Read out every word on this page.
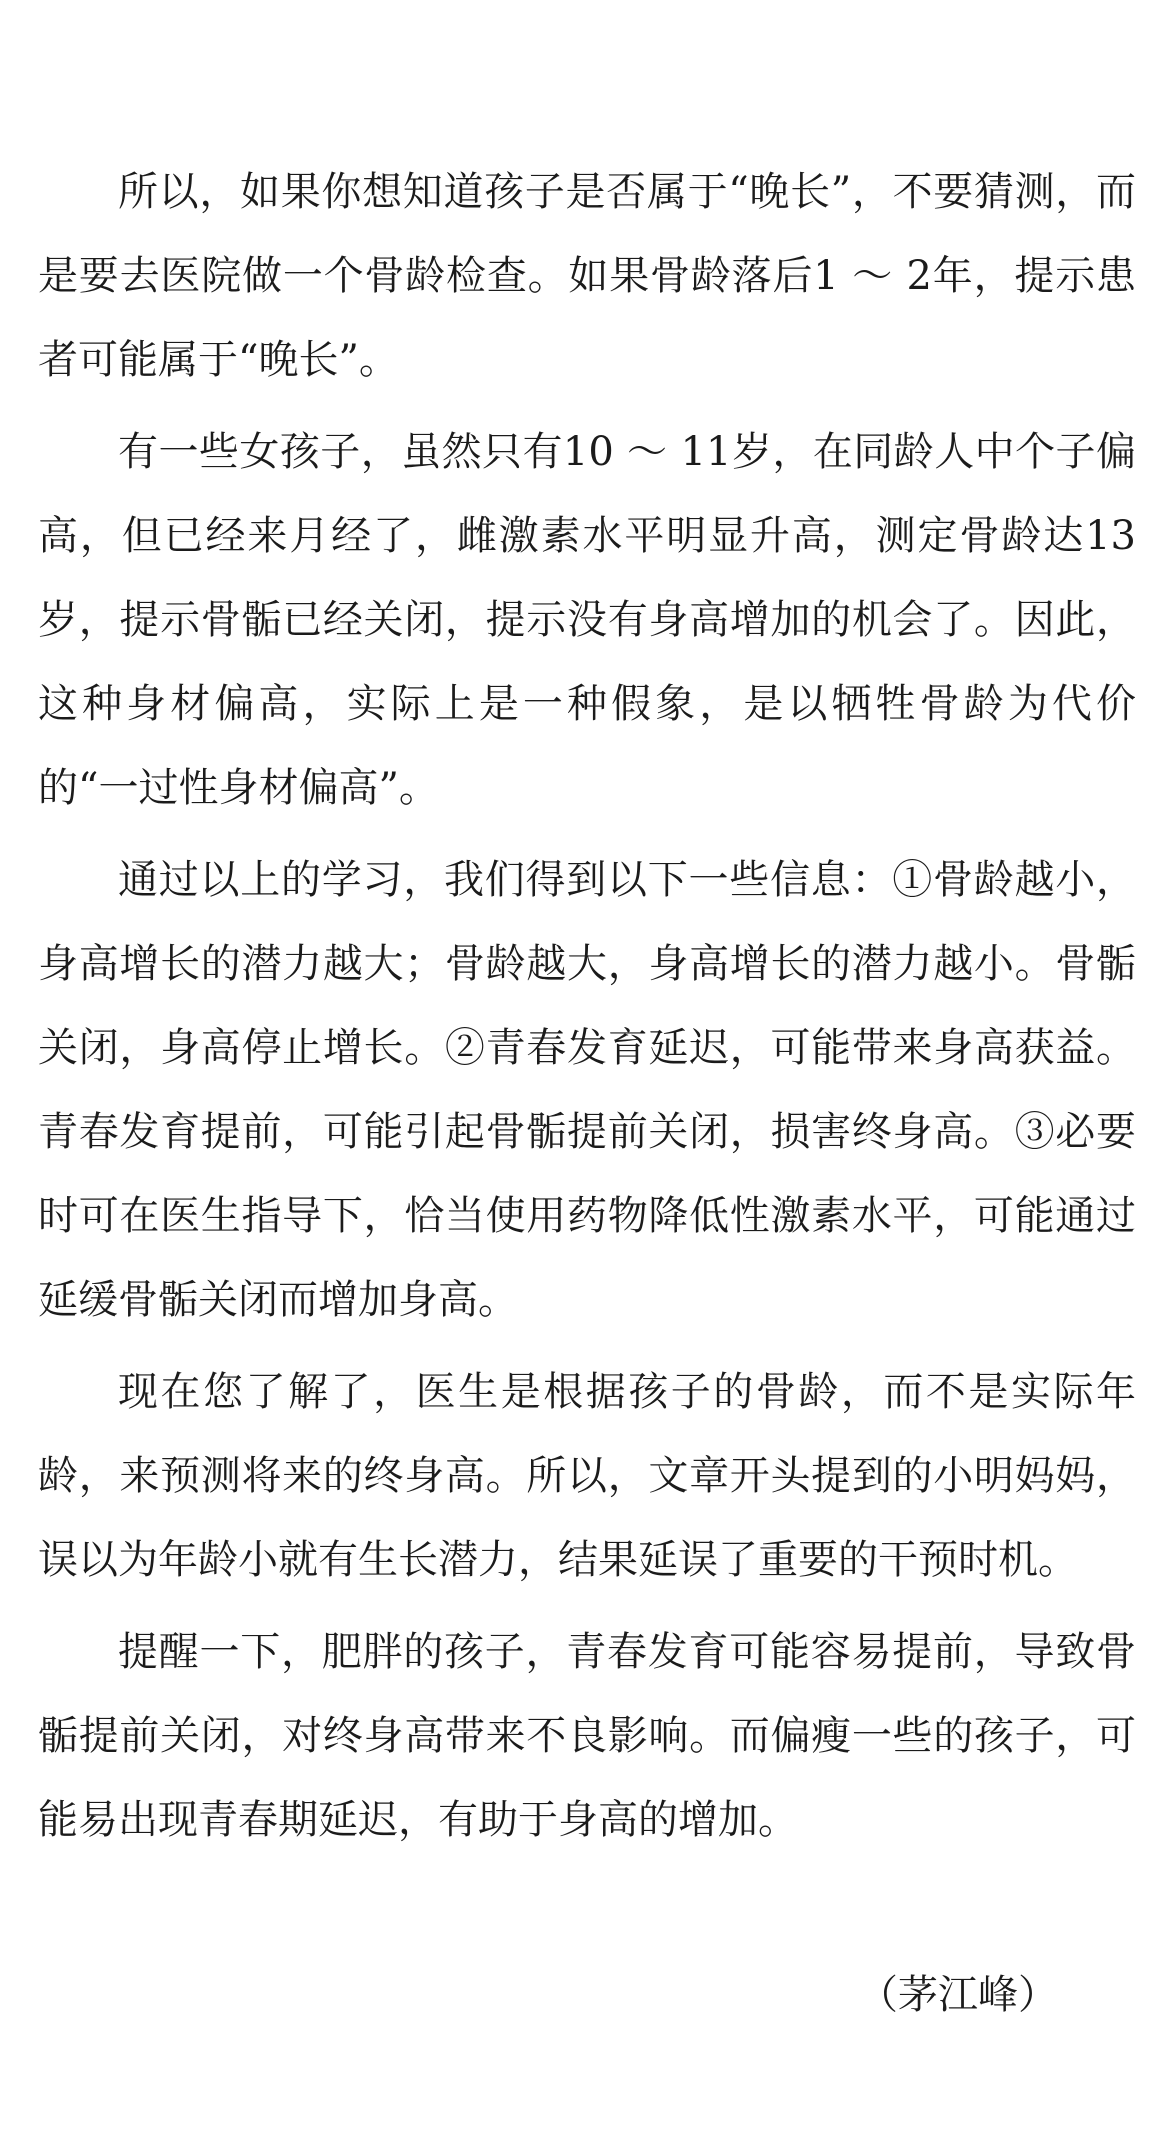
所以，如果你想知道孩子是否属于“晚长”，不要猜测，而是要去医院做一个骨龄检查。如果骨龄落后1 ～ 2年，提示患者可能属于“晚长”。

有一些女孩子，虽然只有10 ～ 11岁，在同龄人中个子偏高，但已经来月经了，雌激素水平明显升高，测定骨龄达13岁，提示骨骺已经关闭，提示没有身高增加的机会了。因此，这种身材偏高，实际上是一种假象，是以牺牲骨龄为代价的“一过性身材偏高”。

通过以上的学习，我们得到以下一些信息：①骨龄越小，身高增长的潜力越大；骨龄越大，身高增长的潜力越小。骨骺关闭，身高停止增长。②青春发育延迟，可能带来身高获益。青春发育提前，可能引起骨骺提前关闭，损害终身高。③必要时可在医生指导下，恰当使用药物降低性激素水平，可能通过延缓骨骺关闭而增加身高。

现在您了解了，医生是根据孩子的骨龄，而不是实际年龄，来预测将来的终身高。所以，文章开头提到的小明妈妈，误以为年龄小就有生长潜力，结果延误了重要的干预时机。

提醒一下，肥胖的孩子，青春发育可能容易提前，导致骨骺提前关闭，对终身高带来不良影响。而偏瘦一些的孩子，可能易出现青春期延迟，有助于身高的增加。

（茅江峰）
